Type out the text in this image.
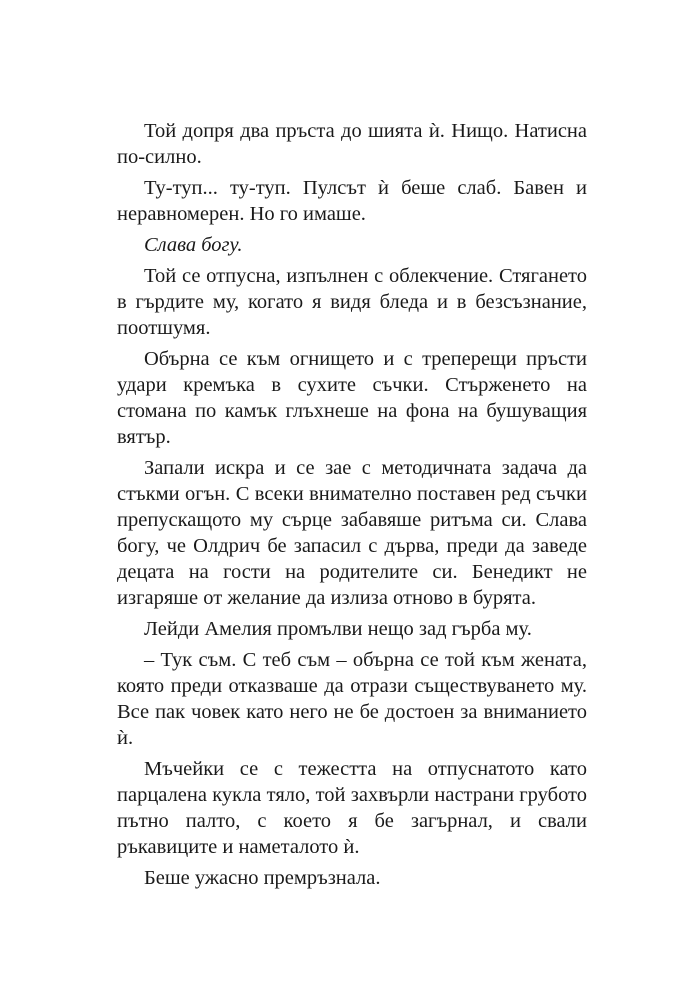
Той допря два пръста до шията ѝ. Нищо. Натисна по-силно.

Ту-туп... ту-туп. Пулсът ѝ беше слаб. Бавен и неравномерен. Но го имаше.

Слава богу.

Той се отпусна, изпълнен с облекчение. Стягането в гърдите му, когато я видя бледа и в безсъзнание, поотшумя.

Обърна се към огнището и с треперещи пръсти удари кремъка в сухите съчки. Стърженето на стомана по камък глъхнеше на фона на бушуващия вятър.

Запали искра и се зае с методичната задача да стъкми огън. С всеки внимателно поставен ред съчки препускащото му сърце забавяше ритъма си. Слава богу, че Олдрич бе запасил с дърва, преди да заведе децата на гости на родителите си. Бенедикт не изгаряше от желание да излиза отново в бурята.

Лейди Амелия промълви нещо зад гърба му.

– Тук съм. С теб съм – обърна се той към жената, която преди отказваше да отрази съществуването му. Все пак човек като него не бе достоен за вниманието ѝ.

Мъчейки се с тежестта на отпуснатото като парцалена кукла тяло, той захвърли настрани грубото пътно палто, с което я бе загърнал, и свали ръкавиците и наметалото ѝ.

Беше ужасно премръзнала.
